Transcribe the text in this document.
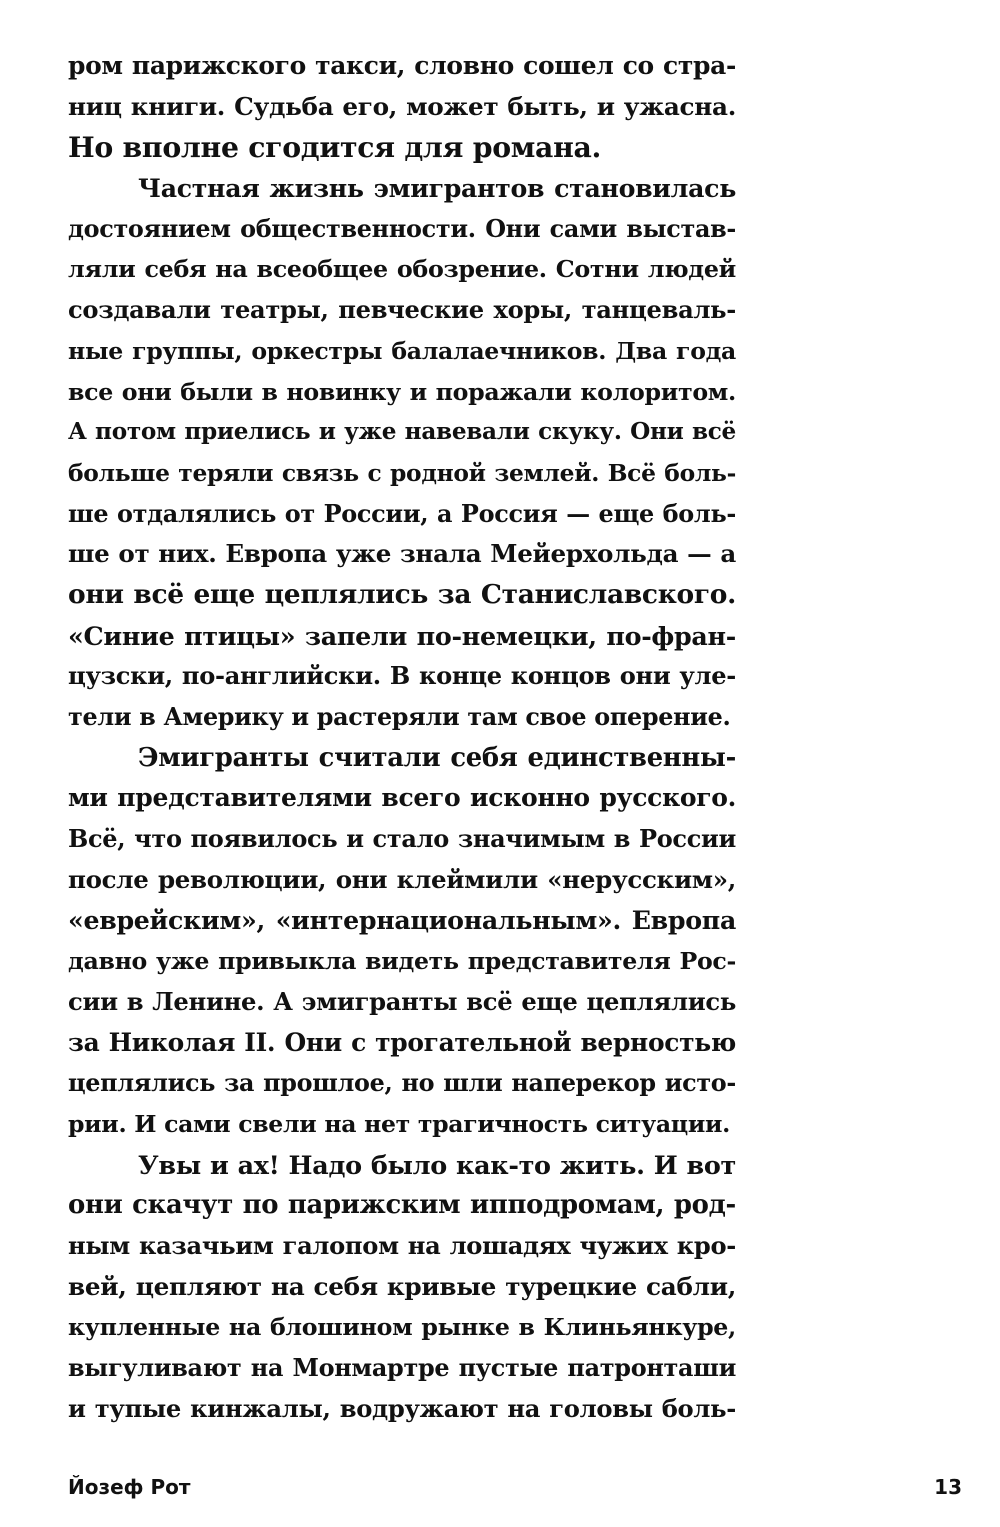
ром парижского такси, словно сошел со стра-
ниц книги. Судьба его, может быть, и ужасна.
Но вполне сгодится для романа.
Частная жизнь эмигрантов становилась
достоянием общественности. Они сами выстав-
ляли себя на всеобщее обозрение. Сотни людей
создавали театры, певческие хоры, танцеваль-
ные группы, оркестры балалаечников. Два года
все они были в новинку и поражали колоритом.
А потом приелись и уже навевали скуку. Они всё
больше теряли связь с родной землей. Всё боль-
ше отдалялись от России, а Россия — еще боль-
ше от них. Европа уже знала Мейерхольда — а
они всё еще цеплялись за Станиславского.
«Синие птицы» запели по-немецки, по-фран-
цузски, по-английски. В конце концов они уле-
тели в Америку и растеряли там свое оперение.
Эмигранты считали себя единственны-
ми представителями всего исконно русского.
Всё, что появилось и стало значимым в России
после революции, они клеймили «нерусским»,
«еврейским», «интернациональным». Европа
давно уже привыкла видеть представителя Рос-
сии в Ленине. А эмигранты всё еще цеплялись
за Николая II. Они с трогательной верностью
цеплялись за прошлое, но шли наперекор исто-
рии. И сами свели на нет трагичность ситуации.
Увы и ах! Надо было как-то жить. И вот
они скачут по парижским ипподромам, род-
ным казачьим галопом на лошадях чужих кро-
вей, цепляют на себя кривые турецкие сабли,
купленные на блошином рынке в Клиньянкуре,
выгуливают на Монмартре пустые патронташи
и тупые кинжалы, водружают на головы боль-
Йозеф Рот	13
